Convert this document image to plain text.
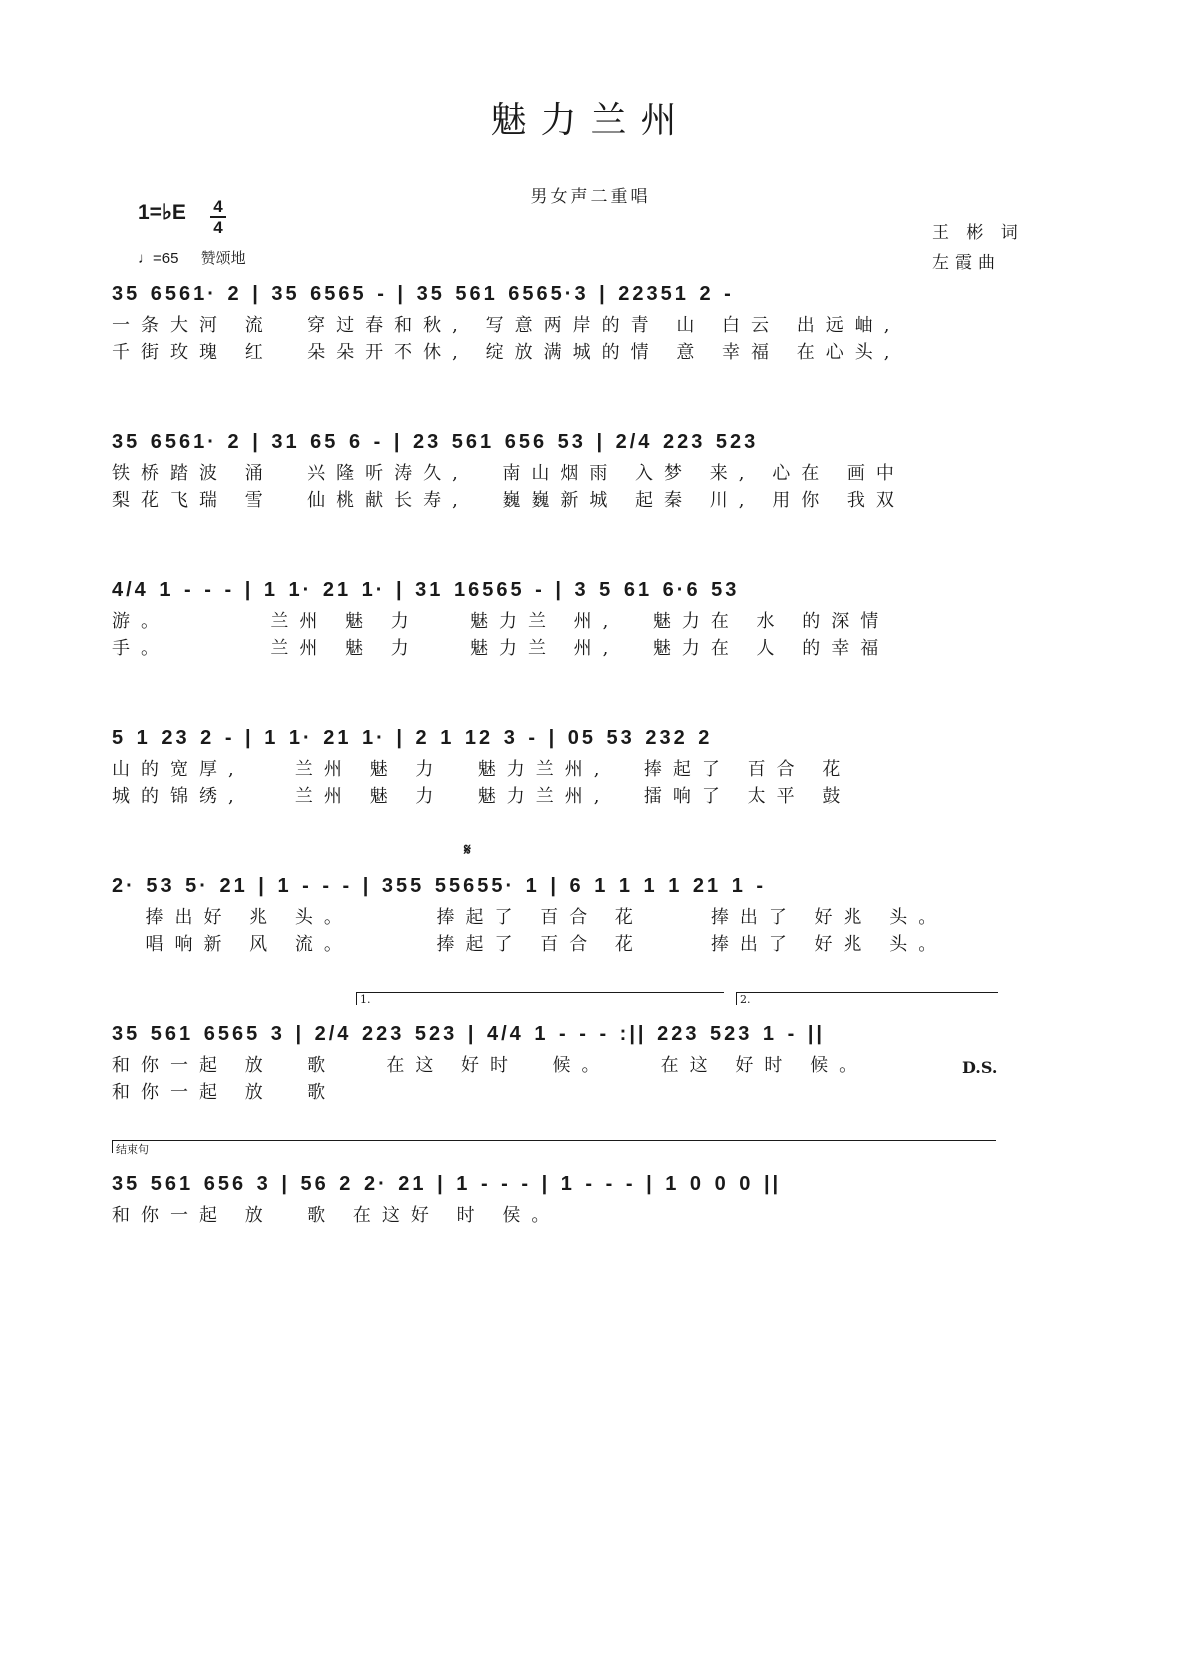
魅力兰州
男女声二重唱
1=♭E 4
4
♩=65 赞颂地
王 彬 词
左霞曲
35 6561· 2 | 35 6565 - | 35 561 6565·3 | 22351 2 -
一条大河 流  穿过春和秋, 写意两岸的青 山 白云 出远岫,
千街玫瑰 红  朵朵开不休, 绽放满城的情 意 幸福 在心头,
35 6561· 2 | 31 65 6 - | 23 561 656 53 | 2/4 223 523
铁桥踏波 涌  兴隆听涛久,  南山烟雨 入梦 来, 心在 画中
梨花飞瑞 雪  仙桃献长寿,  巍巍新城 起秦 川, 用你 我双
4/4 1 - - - | 1 1· 21 1· | 31 16565 - | 3 5 61 6·6 53
游。      兰州 魅 力   魅力兰 州,  魅力在 水 的深情
手。      兰州 魅 力   魅力兰 州,  魅力在 人 的幸福
5 1 23 2 - | 1 1· 21 1· | 2 1 12 3 - | 05 53 232 2
山的宽厚,   兰州 魅 力  魅力兰州,  捧起了 百合 花
城的锦绣,   兰州 魅 力  魅力兰州,  擂响了 太平 鼓
𝄋
2· 53 5· 21 | 1 - - - | 355 55655· 1 | 6 1 1 1 1 21 1 -
捧出好 兆 头。     捧起了 百合 花    捧出了 好兆 头。
唱响新 风 流。     捧起了 百合 花    捧出了 好兆 头。
1.	2.
35 561 6565 3 | 2/4 223 523 | 4/4 1 - - - :|| 223 523 1 - ||
和你一起 放  歌   在这 好时  候。   在这 好时 候。
和你一起 放  歌
D.S.
结束句
35 561 656 3 | 56 2 2· 21 | 1 - - - | 1 - - - | 1 0 0 0 ||
和你一起 放  歌 在这好 时 侯。
